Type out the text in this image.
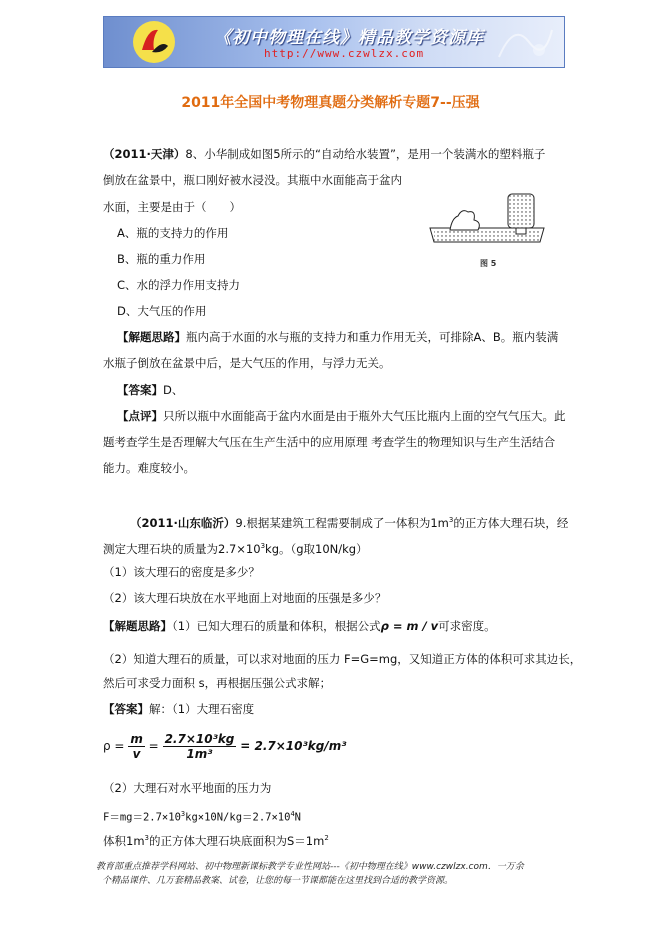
《初中物理在线》精品教学资源库
http://www.czwlzx.com
2011年全国中考物理真题分类解析专题7--压强
（2011·天津）8、小华制成如图5所示的“自动给水装置”，是用一个装满水的塑料瓶子
倒放在盆景中，瓶口刚好被水浸没。其瓶中水面能高于盆内
水面，主要是由于（　　）
A、瓶的支持力的作用
B、瓶的重力作用
C、水的浮力作用支持力
D、大气压的作用
图 5
【解题思路】瓶内高于水面的水与瓶的支持力和重力作用无关，可排除A、B。瓶内装满
水瓶子倒放在盆景中后，是大气压的作用，与浮力无关。
【答案】D、
【点评】只所以瓶中水面能高于盆内水面是由于瓶外大气压比瓶内上面的空气气压大。此
题考查学生是否理解大气压在生产生活中的应用原理 考查学生的物理知识与生产生活结合
能力。难度较小。
（2011·山东临沂）9.根据某建筑工程需要制成了一体积为$1m^3$的正方体大理石块，经
测定大理石块的质量为$2.7\times 10^3kg$。（g取10N/kg）
（1）该大理石的密度是多少？
（2）该大理石块放在水平地面上对地面的压强是多少？
【解题思路】（1）已知大理石的质量和体积，根据公式ρ = m / v可求密度。
（2）知道大理石的质量，可以求对地面的压力 F=G=mg，又知道正方体的体积可求其边长，
然后可求受力面积 s，再根据压强公式求解；
【答案】解：（1）大理石密度
$\rho = \frac{m}{v} = \frac{\text{2.7×10³kg}}{\text{1m³}} = 2.7\times 10^3kg/m^3$
（2）大理石对水平地面的压力为
$F=mg=2.7\times 10^3kg\times 10N/kg=2.7\times 10^4N$
体积$1m^3$的正方体大理石块底面积为$S=1m^2$
教育部重点推荐学科网站、初中物理新课标教学专业性网站---《初中物理在线》www.czwlzx.com．一万余
个精品课件、几万套精品教案、试卷，让您的每一节课都能在这里找到合适的教学资源。
